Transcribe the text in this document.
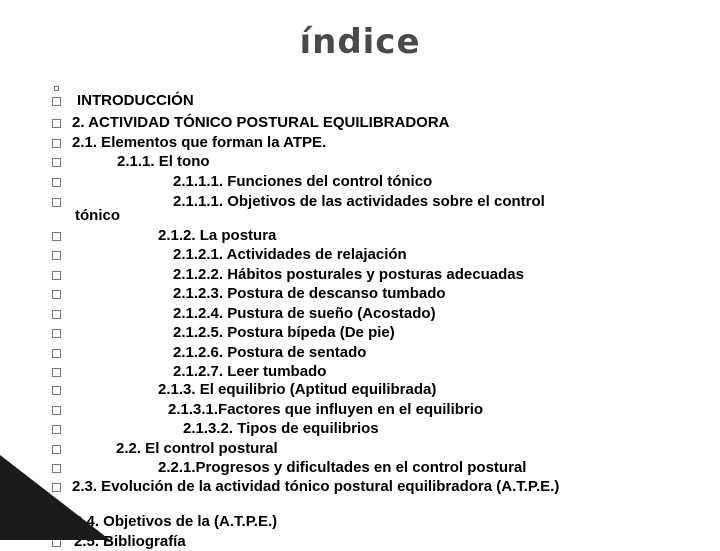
índice
INTRODUCCIÓN
2. ACTIVIDAD TÓNICO POSTURAL EQUILIBRADORA
2.1. Elementos que forman la ATPE.
2.1.1. El tono
2.1.1.1. Funciones del control tónico
2.1.1.1. Objetivos de las actividades sobre el control
tónico
2.1.2. La postura
2.1.2.1. Actividades de relajación
2.1.2.2. Hábitos posturales y posturas adecuadas
2.1.2.3. Postura de descanso tumbado
2.1.2.4. Pustura de sueño (Acostado)
2.1.2.5. Postura bípeda (De pie)
2.1.2.6. Postura de sentado
2.1.2.7. Leer tumbado
2.1.3. El equilibrio (Aptitud equilibrada)
2.1.3.1.Factores que influyen en el equilibrio
2.1.3.2. Tipos de equilibrios
2.2. El control postural
2.2.1.Progresos y dificultades en el control postural
2.3. Evolución de la actividad tónico postural equilibradora (A.T.P.E.)
2.4. Objetivos de la (A.T.P.E.)
2.5. Bibliografía
